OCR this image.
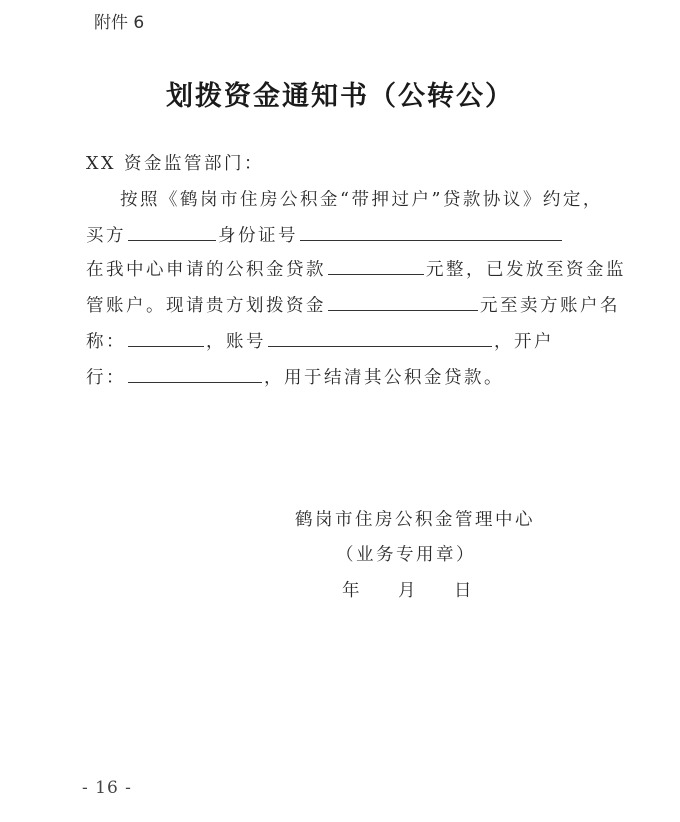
附件 6
划拨资金通知书（公转公）
XX 资金监管部门：
按照《鹤岗市住房公积金“带押过户”贷款协议》约定，
买方	身份证号
在我中心申请的公积金贷款	元整，已发放至资金监
管账户。现请贵方划拨资金	元至卖方账户名
称：	，账号	，开户
行：	，用于结清其公积金贷款。
鹤岗市住房公积金管理中心
（业务专用章）
年 月 日
- 16 -
